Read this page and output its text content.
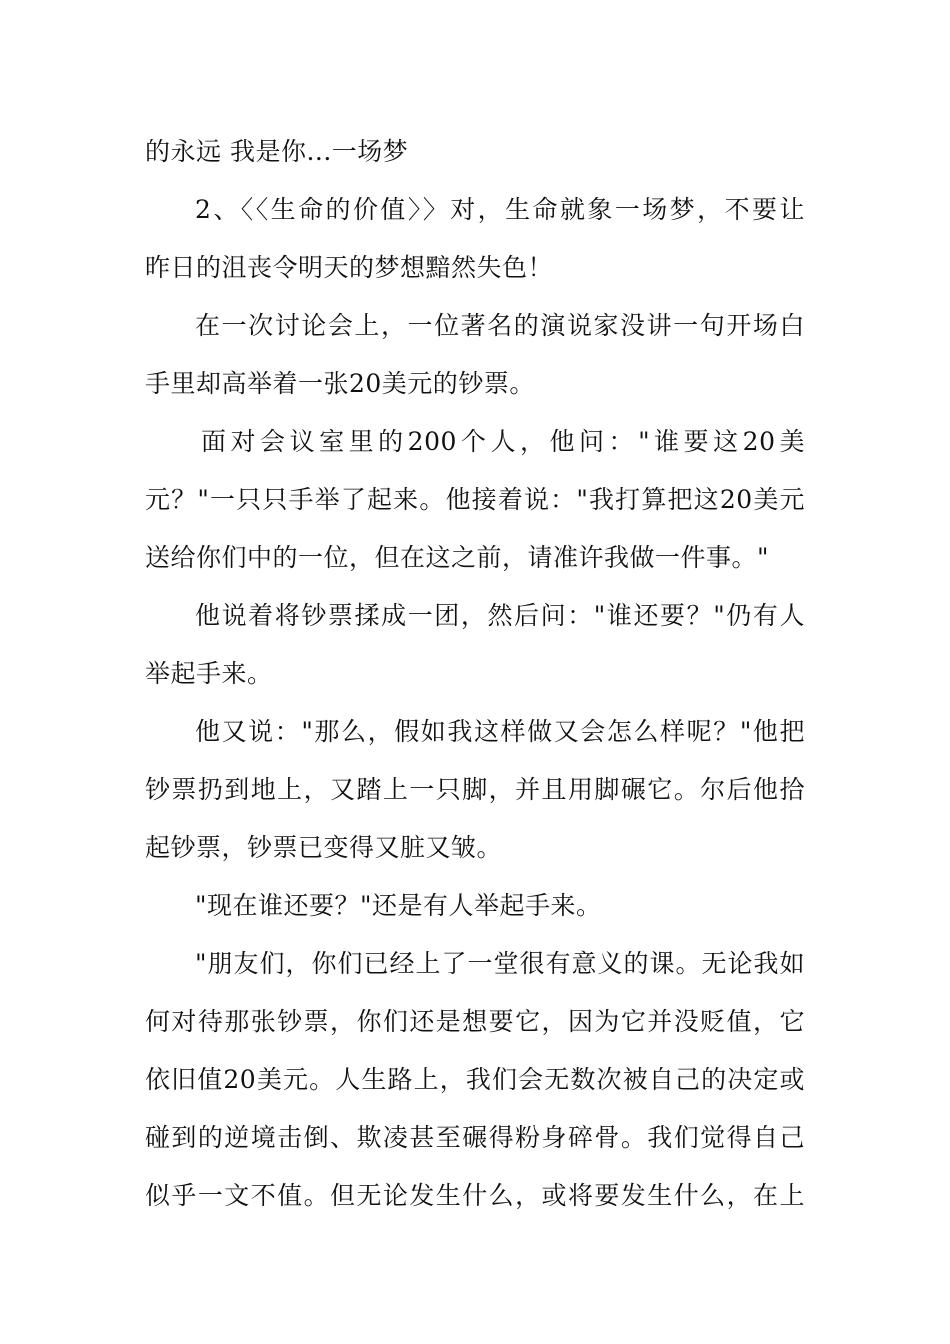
的永远 我是你...一场梦
2、〈〈生命的价值〉〉对，生命就象一场梦，不要让
昨日的沮丧令明天的梦想黯然失色！
在一次讨论会上，一位著名的演说家没讲一句开场白
手里却高举着一张20美元的钞票。
面对会议室里的200个人，他问："谁要这20美
元？"一只只手举了起来。他接着说："我打算把这20美元
送给你们中的一位，但在这之前，请准许我做一件事。"
他说着将钞票揉成一团，然后问："谁还要？"仍有人
举起手来。
他又说："那么，假如我这样做又会怎么样呢？"他把
钞票扔到地上，又踏上一只脚，并且用脚碾它。尔后他拾
起钞票，钞票已变得又脏又皱。
"现在谁还要？"还是有人举起手来。
"朋友们，你们已经上了一堂很有意义的课。无论我如
何对待那张钞票，你们还是想要它，因为它并没贬值，它
依旧值20美元。人生路上，我们会无数次被自己的决定或
碰到的逆境击倒、欺凌甚至碾得粉身碎骨。我们觉得自己
似乎一文不值。但无论发生什么，或将要发生什么，在上
